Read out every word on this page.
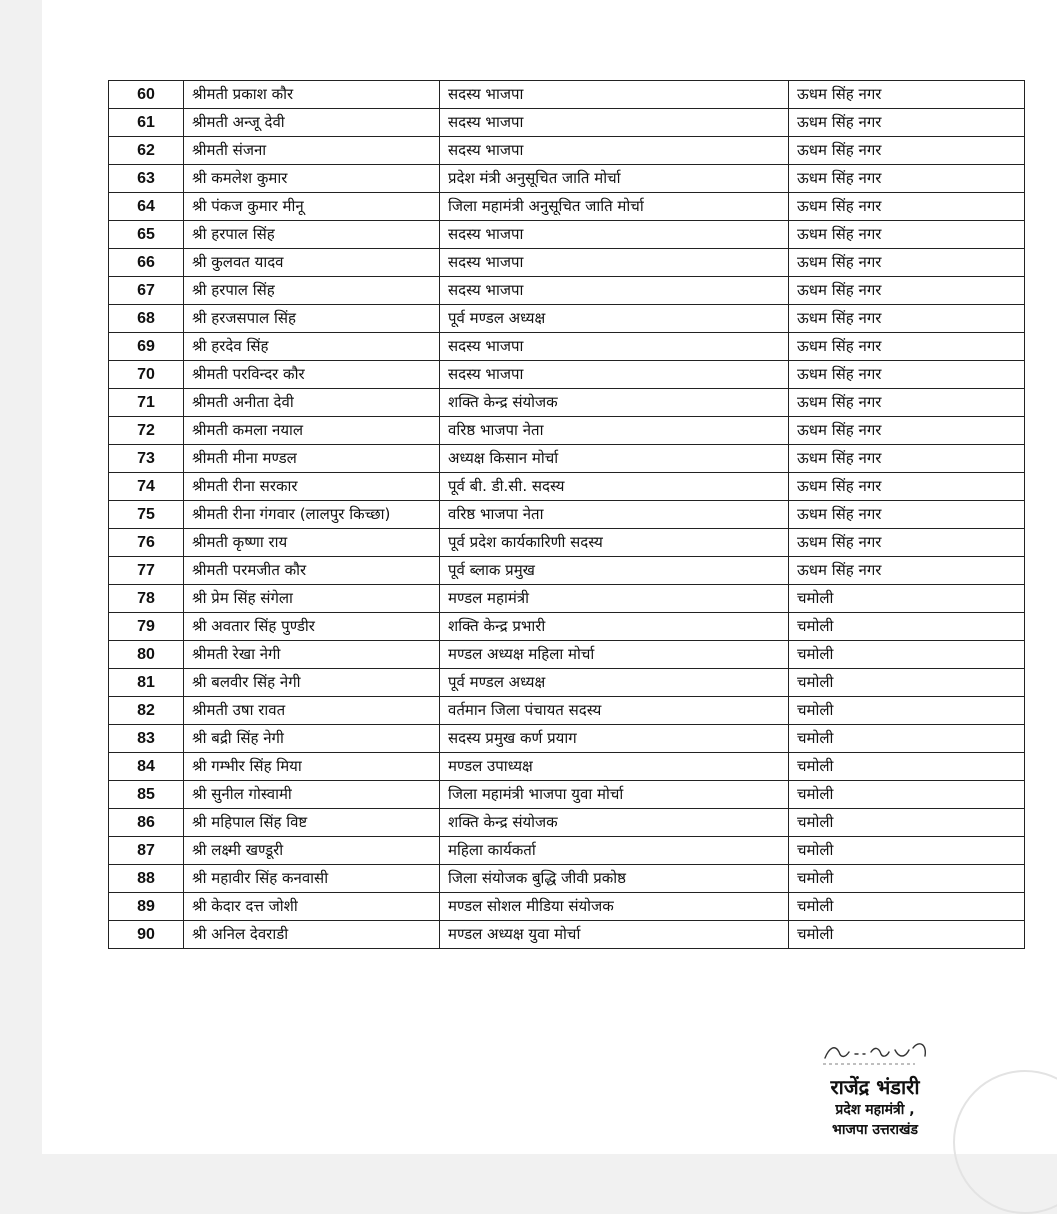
60	श्रीमती प्रकाश कौर	सदस्य भाजपा	ऊधम सिंह नगर
61	श्रीमती अन्जू देवी	सदस्य भाजपा	ऊधम सिंह नगर
62	श्रीमती संजना	सदस्य भाजपा	ऊधम सिंह नगर
63	श्री कमलेश कुमार	प्रदेश मंत्री अनुसूचित जाति मोर्चा	ऊधम सिंह नगर
64	श्री पंकज कुमार मीनू	जिला महामंत्री अनुसूचित जाति मोर्चा	ऊधम सिंह नगर
65	श्री हरपाल सिंह	सदस्य भाजपा	ऊधम सिंह नगर
66	श्री कुलवत यादव	सदस्य भाजपा	ऊधम सिंह नगर
67	श्री हरपाल सिंह	सदस्य भाजपा	ऊधम सिंह नगर
68	श्री हरजसपाल सिंह	पूर्व मण्डल अध्यक्ष	ऊधम सिंह नगर
69	श्री हरदेव सिंह	सदस्य भाजपा	ऊधम सिंह नगर
70	श्रीमती परविन्दर कौर	सदस्य भाजपा	ऊधम सिंह नगर
71	श्रीमती अनीता देवी	शक्ति केन्द्र संयोजक	ऊधम सिंह नगर
72	श्रीमती कमला नयाल	वरिष्ठ भाजपा नेता	ऊधम सिंह नगर
73	श्रीमती मीना मण्डल	अध्यक्ष किसान मोर्चा	ऊधम सिंह नगर
74	श्रीमती रीना सरकार	पूर्व बी. डी.सी. सदस्य	ऊधम सिंह नगर
75	श्रीमती रीना गंगवार (लालपुर किच्छा)	वरिष्ठ भाजपा नेता	ऊधम सिंह नगर
76	श्रीमती कृष्णा राय	पूर्व प्रदेश कार्यकारिणी सदस्य	ऊधम सिंह नगर
77	श्रीमती परमजीत कौर	पूर्व ब्लाक प्रमुख	ऊधम सिंह नगर
78	श्री प्रेम सिंह संगेला	मण्डल महामंत्री	चमोली
79	श्री अवतार सिंह पुण्डीर	शक्ति केन्द्र प्रभारी	चमोली
80	श्रीमती रेखा नेगी	मण्डल अध्यक्ष महिला मोर्चा	चमोली
81	श्री बलवीर सिंह नेगी	पूर्व मण्डल अध्यक्ष	चमोली
82	श्रीमती उषा रावत	वर्तमान जिला पंचायत सदस्य	चमोली
83	श्री बद्री सिंह नेगी	सदस्य प्रमुख कर्ण प्रयाग	चमोली
84	श्री गम्भीर सिंह मिया	मण्डल उपाध्यक्ष	चमोली
85	श्री सुनील गोस्वामी	जिला महामंत्री भाजपा युवा मोर्चा	चमोली
86	श्री महिपाल सिंह विष्ट	शक्ति केन्द्र संयोजक	चमोली
87	श्री लक्ष्मी खण्डूरी	महिला कार्यकर्ता	चमोली
88	श्री महावीर सिंह कनवासी	जिला संयोजक बुद्धि जीवी प्रकोष्ठ	चमोली
89	श्री केदार दत्त जोशी	मण्डल सोशल मीडिया संयोजक	चमोली
90	श्री अनिल देवराडी	मण्डल अध्यक्ष युवा मोर्चा	चमोली
राजेंद्र भंडारी
प्रदेश महामंत्री ,
भाजपा उत्तराखंड
